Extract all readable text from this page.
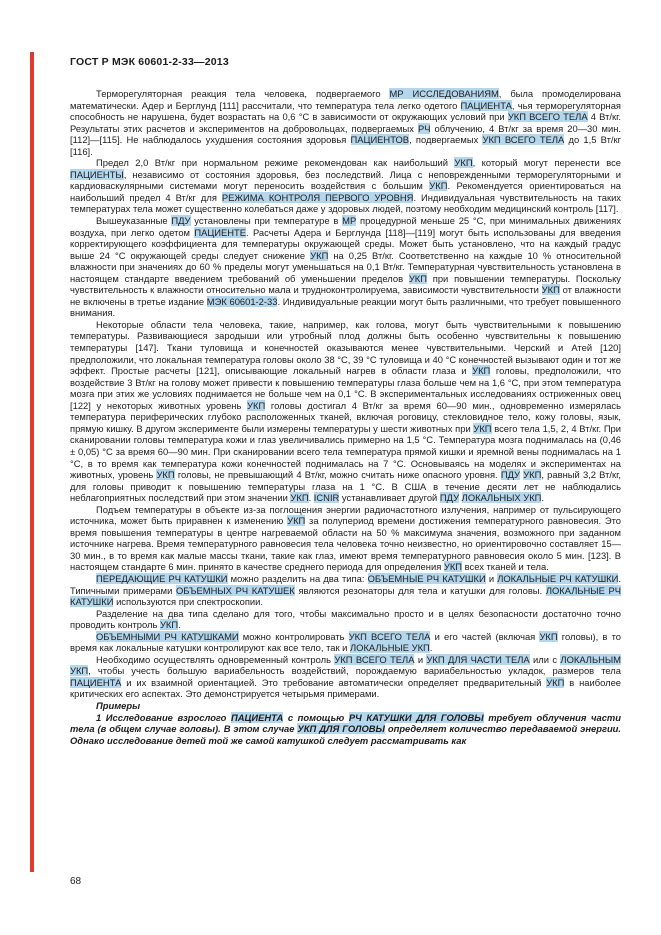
ГОСТ Р МЭК 60601-2-33—2013

Терморегуляторная реакция тела человека, подвергаемого МР ИССЛЕДОВАНИЯМ, была промоделирована математически. Адер и Берглунд [111] рассчитали, что температура тела легко одетого ПАЦИЕНТА, чья терморегуляторная способность не нарушена, будет возрастать на 0,6 °С в зависимости от окружающих условий при УКП ВСЕГО ТЕЛА 4 Вт/кг. Результаты этих расчетов и экспериментов на добровольцах, подвергаемых РЧ облучению, 4 Вт/кг за время 20—30 мин. [112]—[115]. Не наблюдалось ухудшения состояния здоровья ПАЦИЕНТОВ, подвергаемых УКП ВСЕГО ТЕЛА до 1,5 Вт/кг [116].

Предел 2,0 Вт/кг при нормальном режиме рекомендован как наибольший УКП, который могут перенести все ПАЦИЕНТЫ, независимо от состояния здоровья, без последствий. Лица с неповрежденными терморегуляторными и кардиоваскулярными системами могут переносить воздействия с большим УКП. Рекомендуется ориентироваться на наибольший предел 4 Вт/кг для РЕЖИМА КОНТРОЛЯ ПЕРВОГО УРОВНЯ. Индивидуальная чувствительность на таких температурах тела может существенно колебаться даже у здоровых людей, поэтому необходим медицинский контроль [117].

Вышеуказанные ПДУ установлены при температуре в МР процедурной меньше 25 °С, при минимальных движениях воздуха, при легко одетом ПАЦИЕНТЕ. Расчеты Адера и Берглунда [118]—[119] могут быть использованы для введения корректирующего коэффициента для температуры окружающей среды. Может быть установлено, что на каждый градус выше 24 °С окружающей среды следует снижение УКП на 0,25 Вт/кг. Соответственно на каждые 10 % относительной влажности при значениях до 60 % пределы могут уменьшаться на 0,1 Вт/кг. Температурная чувствительность установлена в настоящем стандарте введением требований об уменьшении пределов УКП при повышении температуры. Поскольку чувствительность к влажности относительно мала и трудноконтролируема, зависимости чувствительности УКП от влажности не включены в третье издание МЭК 60601-2-33. Индивидуальные реакции могут быть различными, что требует повышенного внимания.

Некоторые области тела человека, такие, например, как голова, могут быть чувствительными к повышению температуры. Развивающиеся зародыши или утробный плод должны быть особенно чувствительны к повышению температуры [147]. Ткани туловища и конечностей оказываются менее чувствительными. Черский и Атей [120] предположили, что локальная температура головы около 38 °С, 39 °С туловища и 40 °С конечностей вызывают один и тот же эффект. Простые расчеты [121], описывающие локальный нагрев в области глаза и УКП головы, предположили, что воздействие 3 Вт/кг на голову может привести к повышению температуры глаза больше чем на 1,6 °С, при этом температура мозга при этих же условиях поднимается не больше чем на 0,1 °С. В экспериментальных исследованиях остриженных овец [122] у некоторых животных уровень УКП головы достигал 4 Вт/кг за время 60—90 мин., одновременно измерялась температура периферических глубоко расположенных тканей, включая роговицу, стекловидное тело, кожу головы, язык, прямую кишку. В другом эксперименте были измерены температуры у шести животных при УКП всего тела 1,5, 2, 4 Вт/кг. При сканировании головы температура кожи и глаз увеличивались примерно на 1,5 °С. Температура мозга поднималась на (0,46 ± 0,05) °С за время 60—90 мин. При сканировании всего тела температура прямой кишки и яремной вены поднималась на 1 °С, в то время как температура кожи конечностей поднималась на 7 °С. Основываясь на моделях и экспериментах на животных, уровень УКП головы, не превышающий 4 Вт/кг, можно считать ниже опасного уровня. ПДУ УКП, равный 3,2 Вт/кг, для головы приводит к повышению температуры глаза на 1 °С. В США в течение десяти лет не наблюдались неблагоприятных последствий при этом значении УКП. ICNIR устанавливает другой ПДУ ЛОКАЛЬНЫХ УКП.

Подъем температуры в объекте из-за поглощения энергии радиочастотного излучения, например от пульсирующего источника, может быть приравнен к изменению УКП за полупериод времени достижения температурного равновесия. Это время повышения температуры в центре нагреваемой области на 50 % максимума значения, возможного при заданном источнике нагрева. Время температурного равновесия тела человека точно неизвестно, но ориентировочно составляет 15—30 мин., в то время как малые массы ткани, такие как глаз, имеют время температурного равновесия около 5 мин. [123]. В настоящем стандарте 6 мин. принято в качестве среднего периода для определения УКП всех тканей и тела.

ПЕРЕДАЮЩИЕ РЧ КАТУШКИ можно разделить на два типа: ОБЪЕМНЫЕ РЧ КАТУШКИ и ЛОКАЛЬНЫЕ РЧ КАТУШКИ. Типичными примерами ОБЪЕМНЫХ РЧ КАТУШЕК являются резонаторы для тела и катушки для головы. ЛОКАЛЬНЫЕ РЧ КАТУШКИ используются при спектроскопии.

Разделение на два типа сделано для того, чтобы максимально просто и в целях безопасности достаточно точно проводить контроль УКП.

ОБЪЕМНЫМИ РЧ КАТУШКАМИ можно контролировать УКП ВСЕГО ТЕЛА и его частей (включая УКП головы), в то время как локальные катушки контролируют как все тело, так и ЛОКАЛЬНЫЕ УКП.

Необходимо осуществлять одновременный контроль УКП ВСЕГО ТЕЛА и УКП ДЛЯ ЧАСТИ ТЕЛА или с ЛОКАЛЬНЫМ УКП, чтобы учесть большую вариабельность воздействий, порождаемую вариабельностью укладок, размеров тела ПАЦИЕНТА и их взаимной ориентацией. Это требование автоматически определяет предварительный УКП в наиболее критических его аспектах. Это демонстрируется четырьмя примерами.

Примеры

1 Исследование взрослого ПАЦИЕНТА с помощью РЧ КАТУШКИ ДЛЯ ГОЛОВЫ требует облучения части тела (в общем случае головы). В этом случае УКП ДЛЯ ГОЛОВЫ определяет количество передаваемой энергии. Однако исследование детей той же самой катушкой следует рассматривать как

68
